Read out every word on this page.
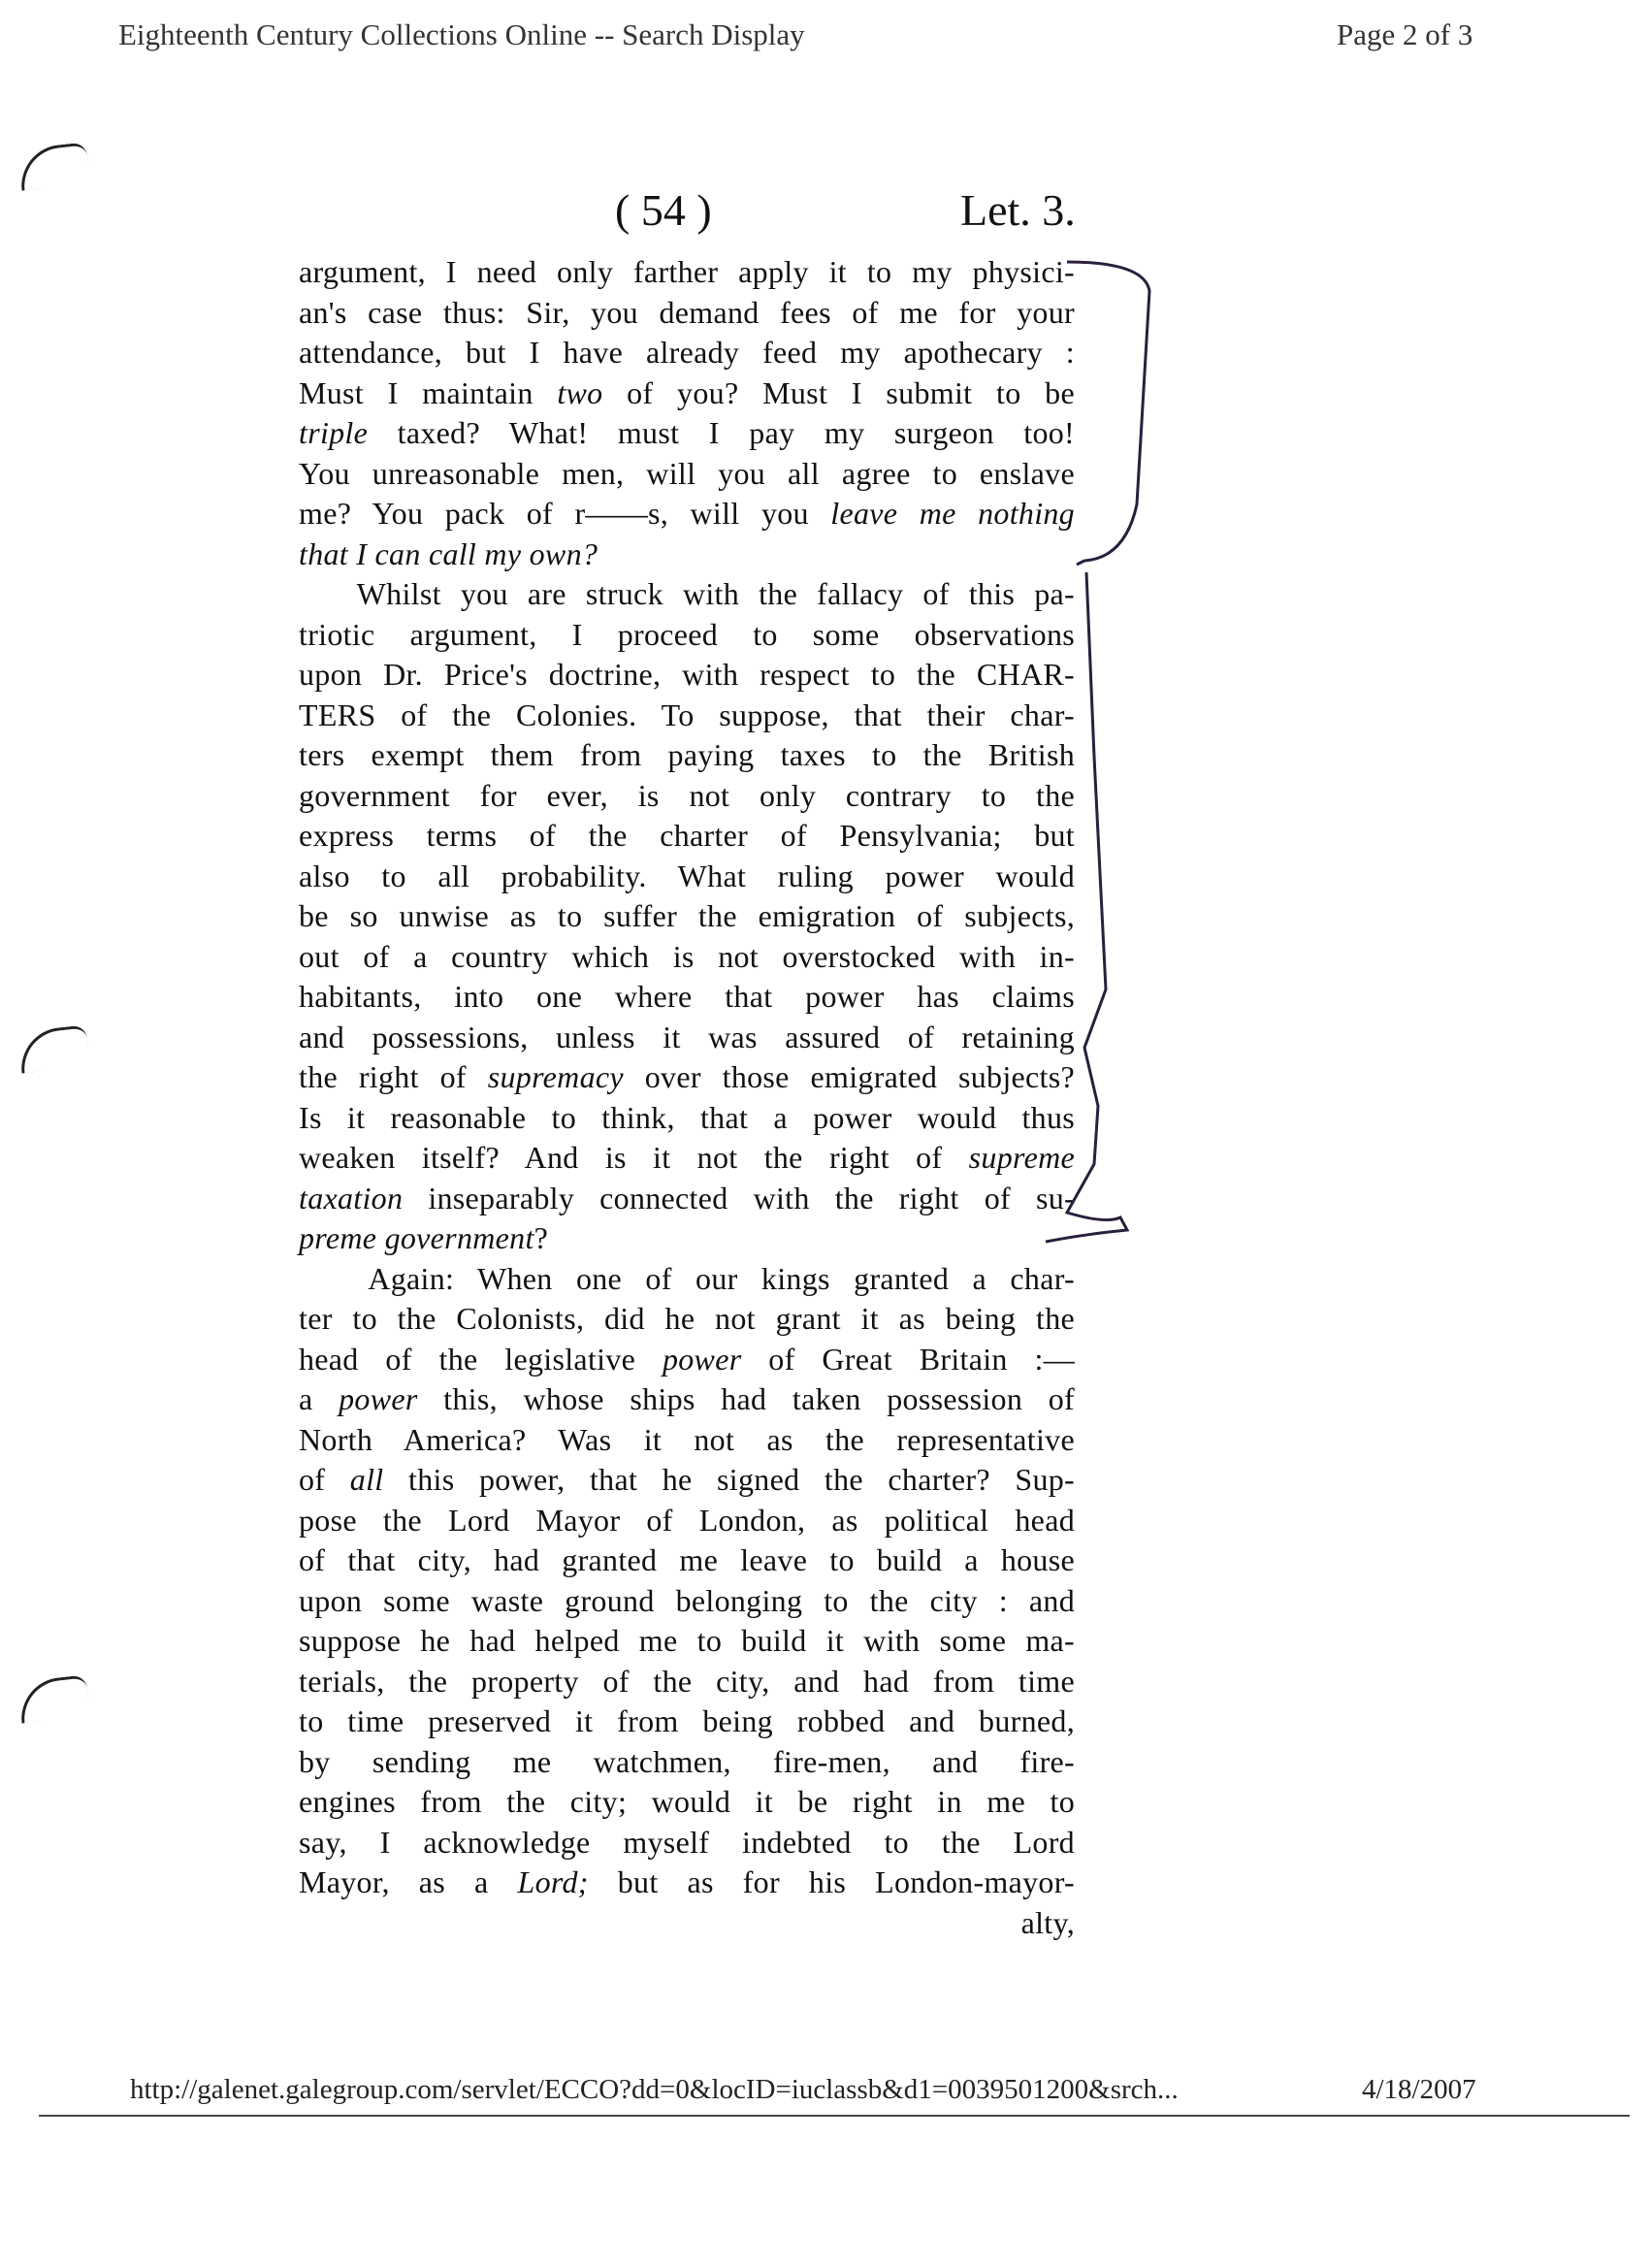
Eighteenth Century Collections Online -- Search Display	Page 2 of 3
( 54 )	Let. 3.
argument, I need only farther apply it to my physici-
an's case thus: Sir, you demand fees of me for your
attendance, but I have already feed my apothecary :
Must I maintain two of you? Must I submit to be
triple taxed? What! must I pay my surgeon too!
You unreasonable men, will you all agree to enslave
me? You pack of r——s, will you leave me nothing
that I can call my own?
Whilst you are struck with the fallacy of this pa-
triotic argument, I proceed to some observations
upon Dr. Price's doctrine, with respect to the CHAR-
TERS of the Colonies. To suppose, that their char-
ters exempt them from paying taxes to the British
government for ever, is not only contrary to the
express terms of the charter of Pensylvania; but
also to all probability. What ruling power would
be so unwise as to suffer the emigration of subjects,
out of a country which is not overstocked with in-
habitants, into one where that power has claims
and possessions, unless it was assured of retaining
the right of supremacy over those emigrated subjects?
Is it reasonable to think, that a power would thus
weaken itself? And is it not the right of supreme
taxation inseparably connected with the right of su-
preme government?
Again: When one of our kings granted a char-
ter to the Colonists, did he not grant it as being the
head of the legislative power of Great Britain :—
a power this, whose ships had taken possession of
North America? Was it not as the representative
of all this power, that he signed the charter? Sup-
pose the Lord Mayor of London, as political head
of that city, had granted me leave to build a house
upon some waste ground belonging to the city : and
suppose he had helped me to build it with some ma-
terials, the property of the city, and had from time
to time preserved it from being robbed and burned,
by sending me watchmen, fire-men, and fire-
engines from the city; would it be right in me to
say, I acknowledge myself indebted to the Lord
Mayor, as a Lord; but as for his London-mayor-
alty,
http://galenet.galegroup.com/servlet/ECCO?dd=0&locID=iuclassb&d1=0039501200&srch...	4/18/2007
